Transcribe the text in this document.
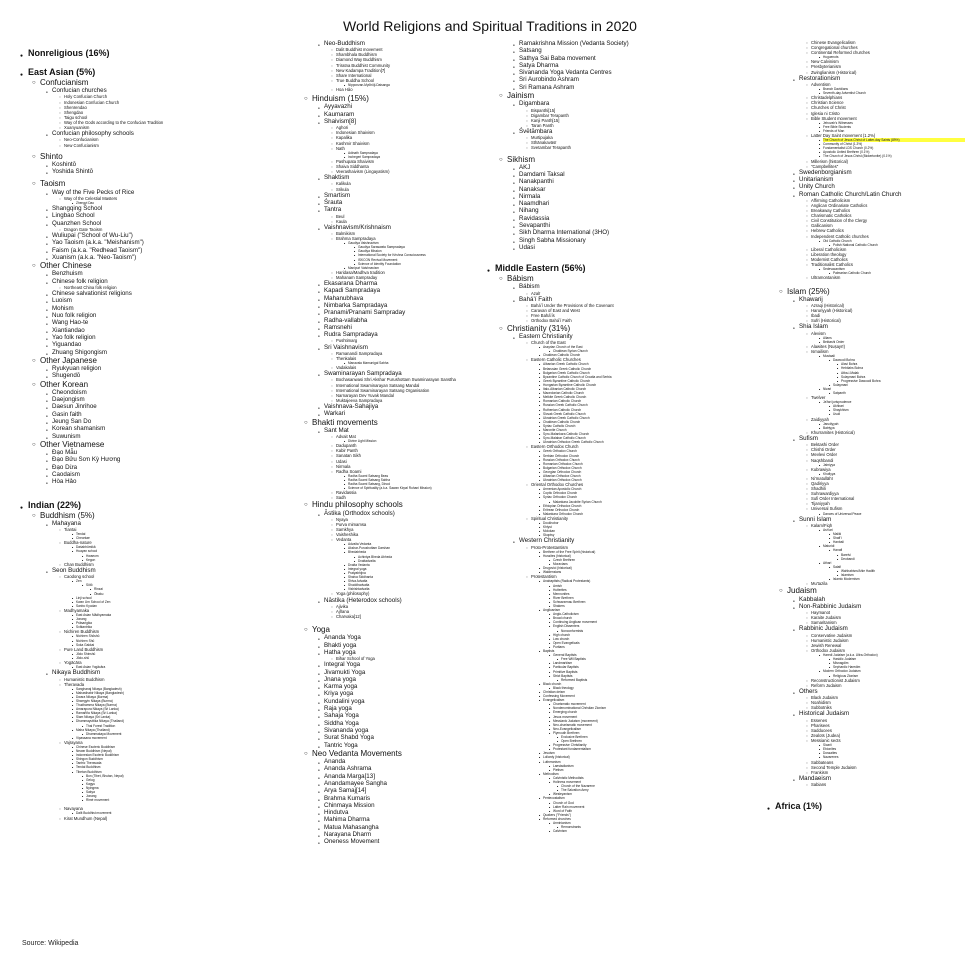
World Religions and Spiritual Traditions in 2020
● Nonreligious (16%)
● East Asian (5%)
○ Confucianism
● Confucian churches
○ Holy Confucian Church
○ Indonesian Confucian Church
○ Shenrendao
○ Shengdao
○ Taigu school
○ Way of the Gods according to the Confucian Tradition
○ Xuanyuanism
● Confucian philosophy schools
○ Neo-Confucianism
○ New Confucianism
○ Shinto
● Koshintō
● Yoshida Shintō
○ Taoism
● Way of the Five Pecks of Rice
○ Way of the Celestial Masters
■ Zhengyi Dao
● Shangqing School
● Lingbao School
● Quanzhen School
○ Dragon Gate Taoism
● Wuliupai ("School of Wu-Liu")
● Yao Taoism (a.k.a. "Meishanism")
● Faism (a.k.a. "Redhead Taoism")
● Xuanism (a.k.a. "Neo-Taoism")
○ Other Chinese
● Benzhuism
● Chinese folk religion
○ Northeast China folk religion
● Chinese salvationist religions
● Luoism
● Mohism
● Nuo folk religion
● Wang Hao-te
● Xiantiandao
● Yao folk religion
● Yiguandao
● Zhuang Shigongism
○ Other Japanese
● Ryukyuan religion
● Shugendō
○ Other Korean
● Cheondoism
● Daejongism
● Daesun Jinrihoe
● Gasin faith
● Jeung San Do
● Korean shamanism
● Suwunism
○ Other Vietnamese
● Đạo Mẫu
● Đạo Bửu Sơn Kỳ Hương
● Đạo Dừa
● Caodaism
● Hòa Hảo
● Indian (22%)
○ Buddhism (5%)
● Mahayana
○ Tiantai
■ Tendai
■ Cheontae
○ Buddha-nature
■ Daśabhūmikā
■ Huayan school
■ Hwaeom
■ Kegon
○ Chan Buddhism
● Seon Buddhism
○ Caodong school
■ Zen
■ Sōtō
■ Rinzai
■ Ōbaku
■ Linji school
■ Kwan Um School of Zen
■ Sanbo Kyodan
○ Madhyamaka
■ East Asian Mādhyamaka
■ Jonang
■ Prāsaṅgika
■ Svātantrika
○ Nichiren Buddhism
■ Nichiren Shōshū
■ Nichiren Shū
■ Soka Gakkai
○ Pure Land Buddhism
■ Jōdo Shinshū
■ Jōdo-shū
○ Yogācāra
■ East Asian Yogācāra
● Nikaya Buddhism
○ Humanistic Buddhism
○ Theravada
■ Sanghanaj Nikaya (Bangladesh)
■ Mahasthabir Nikaya (Bangladesh)
■ Dwara Nikaya (Burma)
■ Shwegyin Nikaya (Burma)
■ Thudhamma Nikaya (Burma)
■ Amarapura Nikaya (Sri Lanka)
■ Ramañña Nikaya (Sri Lanka)
■ Siam Nikaya (Sri Lanka)
■ Dhammayuttika Nikaya (Thailand)
■ Thai Forest Tradition
■ Maha Nikaya (Thailand)
■ Dhammakaya Movement
■ Vipassana movement
○ Vajrayana
■ Chinese Esoteric Buddhism
■ Newar Buddhism (Nepal)
■ Indonesian Esoteric Buddhism
■ Shingon Buddhism
■ Tantric Theravada
■ Tendai Buddhism
■ Tibetan Buddhism
■ Bon (Tibet, Bhutan, Nepal)
■ Gelug
■ Kagyu
■ Nyingma
■ Sakya
■ Jonang
■ Rimé movement
○ Navayana
■ Dalit Buddhist movement
○ Kirat Mundhum (Nepal)
● Neo-Buddhism
○ Dalit Buddhist movement
○ Shambhala Buddhism
○ Diamond Way Buddhism
○ Triratna Buddhist Community
○ New Kadampa Tradition[7]
○ Share International
○ True Buddha School
■ Nipponzan-Myōhōji-Daisanga
○ Hoa Hảo
○ Hinduism (15%)
● Ayyavazhi
● Kaumaram
● Shaivism[8]
○ Aghori
○ Indonesian Shaivism
○ Kapalika
○ Kashmir Shaivism
○ Nath
■ Adinath Sampradaya
■ Inchegeri Sampradaya
○ Pashupata Shaivism
○ Shaiva Siddhanta
○ Veerashaivism (Lingayatism)
● Shaktism
○ Kalikula
○ Srikula
● Smartism
● Śrauta
● Tantra
○ Beul
○ Kaula
● Vaishnavism/Krishnaism
○ Balmikism
○ Brahma Sampradaya
■ Gaudiya Vaishnavism
■ Gaudiya Saraswata Sampradaya
■ Gaudiya Mission
■ International Society for Krishna Consciousness
■ ISKCON Revival Movement
■ Science of Identity Foundation
■ Manipuri Vaishnavism
○ Haridasa/Madhva tradition
○ Mahanam Sampraday
● Ekasarana Dharma
● Kapadi Sampradaya
● Mahanubhava
● Nimbarka Sampradaya
● Pranami/Pranami Sampraday
● Radha-vallabha
● Ramsnehi
● Rudra Sampradaya
○ Pushtimarg
● Sri Vaishnavism
○ Ramanandi Sampradaya
○ Thenkalais
■ Manavala Mamunigal Sabha
○ Vadakalais
● Swaminarayan Sampradaya
○ Bochasanwasi Shri Akshar Purushottam Swaminarayan Sanstha
○ International Swaminarayan Satsang Mandal
○ International Swaminarayan Satsang Organisation
○ Narnarayan Dev Yuvak Mandal
○ Muktajeeva Sampradaya
● Vaishnava-Sahajiya
● Warkari
○ Bhakti movements
● Sant Mat
○ Advait Mat
■ Divine Light Mission
○ Dadupanth
○ Kabir Panth
○ Sanatan Sikh
○ Udasi
○ Nirmala
○ Radha Soami
■ Radha Soami Satsang Beas
■ Radha Soami Satsang Sabha
■ Radha Soami Satsang, Dinod
■ Science of Spirituality (a.k.a. Sawan Kirpal Ruhani Mission)
○ Ravidassia
○ Sadh
○ Hindu philosophy schools
● Āstika (Orthodox schools)
○ Nyaya
○ Purva mimamsa
○ Samkhya
○ Vaisheshika
○ Vedanta
■ Advaita Vedanta
■ Akshar-Purushottam Darshan
■ Bhedabheda
■ Achintya Bheda Abheda
■ Dvaitadvaita
■ Dvaita Vedanta
■ Integral yoga
■ Pratyabhijna
■ Shaiva Siddhanta
■ Shiva Advaita
■ Shuddhadvaita
■ Vishishtadvaita
○ Yoga (philosophy)
● Nāstika (Heterodox schools)
○ Ajivika
○ Ajñana
○ Charvaka[12]
○ Yoga
● Ananda Yoga
● Bhakti yoga
● Hatha yoga
○ Bihar School of Yoga
● Integral Yoga
● Jivamukti Yoga
● Jnana yoga
● Karma yoga
● Kriya yoga
● Kundalini yoga
● Raja yoga
● Sahaja Yoga
● Siddha Yoga
● Sivananda yoga
● Surat Shabd Yoga
● Tantric Yoga
○ Neo Vedanta Movements
● Ananda
● Ananda Ashrama
● Ananda Marga[13]
● Anandamayee Sangha
● Arya Samaj[14]
● Brahma Kumaris
● Chinmaya Mission
● Hindutva
● Mahima Dharma
● Matua Mahasangha
● Narayana Dharm
● Oneness Movement
● Ramakrishna Mission (Vedanta Society)
● Satsang
● Sathya Sai Baba movement
● Satya Dharma
● Sivananda Yoga Vedanta Centres
● Sri Aurobindo Ashram
● Sri Ramana Ashram
○ Jainism
● Digambara
○ Bispanthi[15]
○ Digambar Terapanth
○ Kanji Panth[15]
○ Taran Panth
● Śvētāmbara
○ Murtipujaka
○ Sthānakavāsī
○ Svetambar Terapanth
○ Sikhism
● AKJ
● Damdami Taksal
● Nanakpanthi
● Nanaksar
● Nirmala
● Naamdhari
● Nihang
● Ravidassia
● Sevapanthi
● Sikh Dharma International (3HO)
● Singh Sabha Missionary
● Udasi
● Middle Eastern (56%)
○ Bábism
● Bábism
○ Azalī
● Baháʼí Faith
○ Baháʼí Under the Provisions of the Covenant
○ Caravan of East and West
○ Free Baháʼís
○ Orthodox Baháʼí Faith
○ Christianity (31%)
● Eastern Christianity
○ Church of the East
■ Assyrian Church of the East
■ Chaldean Syrian Church
■ Chaldean Catholic Church
○ Eastern Catholic Churches
■ Albanian Greek Catholic Church
■ Belarusian Greek Catholic Church
■ Bulgarian Greek Catholic Church
■ Byzantine Catholic Church of Croatia and Serbia
■ Greek Byzantine Catholic Church
■ Hungarian Byzantine Catholic Church
■ Italo-Albanian Catholic Church
■ Macedonian Catholic Church
■ Melkite Greek Catholic Church
■ Romanian Catholic Church
■ Russian Greek Catholic Church
■ Ruthenian Catholic Church
■ Slovak Greek Catholic Church
■ Ukrainian Greek Catholic Church
■ Chaldean Catholic Church
■ Syriac Catholic Church
■ Maronite Church
■ Syro-Malankara Catholic Church
■ Syro-Malabar Catholic Church
■ Ukrainian Orthodox Greek Catholic Church
○ Eastern Orthodox Church
■ Greek Orthodox Church
■ Serbian Orthodox Church
■ Russian Orthodox Church
■ Romanian Orthodox Church
■ Bulgarian Orthodox Church
■ Georgian Orthodox Church
■ Albanian Orthodox Church
■ Ukrainian Orthodox Church
○ Oriental Orthodox Churches
■ Armenian Apostolic Church
■ Coptic Orthodox Church
■ Syriac Orthodox Church
■ Malankara Jacobite Syrian Church
■ Ethiopian Orthodox Church
■ Eritrean Orthodox Church
■ Malankara Orthodox Church
○ Spiritual Christianity
■ Doukhobor
■ Khlyst
■ Molokan
■ Skoptsy
● Western Christianity
○ Proto-Protestantism
■ Brethren of the Free Spirit (historical)
■ Hussites (historical)
■ Czech Brethren
■ Moravians
■ Drugovici (historical)
■ Waldensians
○ Protestantism
■ Anabaptists (Radical Protestants)
■ Amish
■ Hutterites
■ Mennonites
■ River Brethren
■ Schwarzenau Brethren
■ Shakers
■ Anglicanism
■ Anglo-Catholicism
■ Broad church
■ Continuing Anglican movement
■ English Dissenters
■ Nonconformists
■ High church
■ Low church
■ Open Evangelicals
■ Puritans
■ Baptists
■ General Baptists
■ Free Will Baptists
■ Landmarkism
■ Particular Baptists
■ Primitive Baptists
■ Strict Baptists
■ Reformed Baptists
■ Black church
■ Black theology
■ Christian deism
■ Confessing Movement
■ Evangelicalism
■ Charismatic movement
■ Nondenominational Christian Zionism
■ Emerging church
■ Jesus movement
■ Messianic Judaism (movement)
■ Neo-charismatic movement
■ Neo-Evangelicalism
■ Plymouth Brethren
■ Exclusive Brethren
■ Open Brethren
■ Progressive Christianity
■ Protestant fundamentalism
■ Jesuism
■ Lollardy (historical)
■ Lutheranism
■ Laestadianism
■ Pietism
■ Methodism
■ Calvinistic Methodists
■ Holiness movement
■ Church of the Nazarene
■ The Salvation Army
■ Wesleyanism
■ Pentecostalism
■ Church of God
■ Latter Rain movement
■ Word of Faith
■ Quakers ("Friends")
■ Reformed churches
■ Arminianism
■ Remonstrants
■ Calvinism
○ Chinese Evangelicalism
○ Congregational churches
○ Continental Reformed churches
■ Huguenots
○ New Calvinism
○ Presbyterianism
○ Zwinglianism (Historical)
● Restorationism
○ Adventism
■ Branch Davidians
■ Seventh-day Adventist Church
○ Christadelphians
○ Christian Science
○ Churches of Christ
○ Iglesia ni Cristo
○ Bible Student movement
■ Jehovah's Witnesses
■ Free Bible Students
■ Friends of Man
○ Latter Day Saint movement (1.2%)
■ The Church of Jesus Christ of Latter-day Saints (89%)
■ Community of Christ (1.3%)
■ Fundamentalist LDS Church (0.2%)
■ Apostolic United Brethren (0.1%)
■ The Church of Jesus Christ (Bickertonite) (0.1%)
○ Millerism (historical)
○ "Campbellites"
● Swedenborgianism
● Unitarianism
● Unity Church
● Roman Catholic Church/Latin Church
○ Affirming Catholicism
○ Anglican Ordinariate Catholics
○ Breakaway Catholics
○ Charismatic Catholics
○ Civil Constitution of the Clergy
○ Gallicanism
○ Hebrew Catholics
○ Independent Catholic churches
■ Old Catholic Church
■ Polish National Catholic Church
○ Liberal Catholicism
○ Liberation theology
○ Modernist Catholics
○ Traditionalist Catholics
■ Sedevacantism
■ Palmarian Catholic Church
○ Ultramontanism
○ Islam (25%)
● Khawarij
○ Azraqi (Historical)
○ Haruriyyah (Historical)
○ Ibadi
○ Sufri (Historical)
● Shia Islam
○ Alevism
■ Alians
■ Bektashi Order
○ Alawites (Nuṣayrī)
○ Ismailism
■ Mustaali
■ Dawoodi Bohra
■ Alavi Bohra
■ Hebtiahs Bohra
■ Atba-i-Malak
■ Sulaymani Bohra
■ Progressive Dawoodi Bohra
■ Sulaymani
■ Nizari
■ Satpanth
○ Twelver
■ Ja'fari jurisprudence
■ Akhbari
■ Shaykhism
■ Usuli
○ Zaidiyyah
■ Jarudiyyah
■ Batriyya
○ Khurramites (Historical)
● Sufism
○ Bektashi Order
○ Chishti Order
○ Mevlevi Order
○ Naqshbandi
■ Jahriyya
○ Kubrawiya
■ Khufiyya
○ Ni'matullāhī
○ Qadiriyya
○ Shadhili
○ Suhrawardiyya
○ Sufi Order International
○ Tijaniyyah
○ Universal Sufism
■ Dances of Universal Peace
● Sunni Islam
○ Kalam/Fiqh
■ Ash'ari
■ Maliki
■ Shafi'i
■ Hanbali
■ Maturidi
■ Hanafi
■ Barelvi
■ Deobandi
■ Athari
■ Salafi
■ Wahhabism/Ahle Hadith
■ Islamism
■ Islamic Modernism
○ Mu'tazila
○ Judaism
● Kabbalah
● Non-Rabbinic Judaism
○ Haymanot
○ Karaite Judaism
○ Samaritanism
● Rabbinic Judaism
○ Conservative Judaism
○ Humanistic Judaism
○ Jewish Renewal
○ Orthodox Judaism
■ Haredi Judaism (a.k.a. Ultra-Orthodox)
■ Hasidic Judaism
■ Misnagdim
■ Sephardic Haredim
■ Modern Orthodox Judaism
■ Religious Zionism
○ Reconstructionist Judaism
○ Reform Judaism
● Others
○ Black Judaism
○ Noahidism
○ Subbotniks
● Historical Judaism
○ Essenes
○ Pharisees
○ Sadducees
○ Zealots (Judea)
○ Messianic sects
■ Sicarii
■ Ebionites
■ Dossaites
■ Nazarenes
○ Sabbateans
○ Second Temple Judaism
○ Frankism
● Mandaeism
○ Sabians
● Africa (1%)
Source: Wikipedia
